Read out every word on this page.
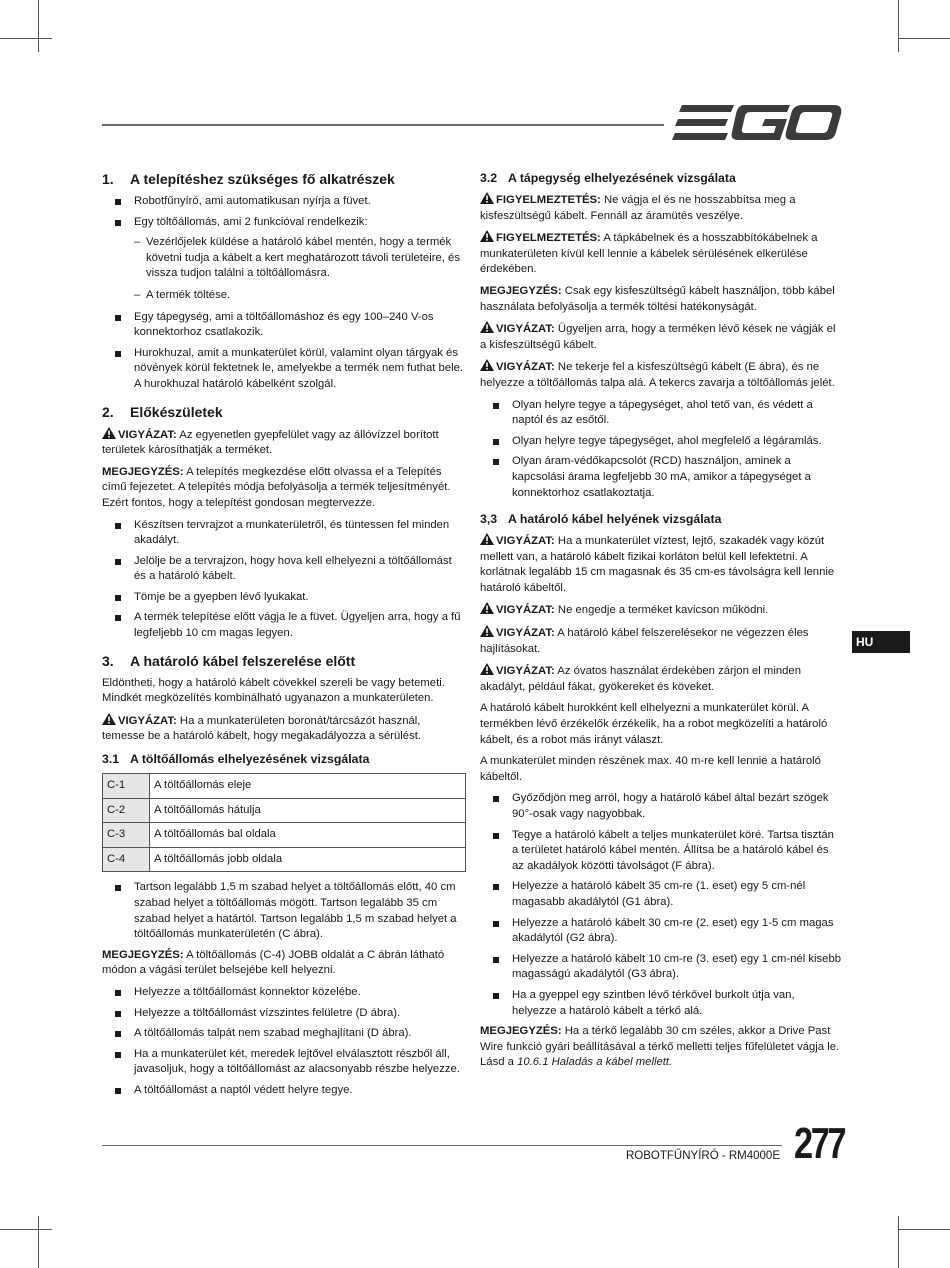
1.	A telepítéshez szükséges fő alkatrészek
Robotfűnyíró, ami automatikusan nyírja a füvet.
Egy töltőállomás, ami 2 funkcióval rendelkezik:
– Vezérlőjelek küldése a határoló kábel mentén, hogy a termék követni tudja a kábelt a kert meghatározott távoli területeire, és vissza tudjon találni a töltőállomásra.
– A termék töltése.
Egy tápegység, ami a töltőállomáshoz és egy 100–240 V-os konnektorhoz csatlakozik.
Hurokhuzal, amit a munkaterület körül, valamint olyan tárgyak és növények körül fektetnek le, amelyekbe a termék nem futhat bele. A hurokhuzal határoló kábelként szolgál.
2.	Előkészületek

VIGYÁZAT: Az egyenetlen gyepfelület vagy az állóvízzel borított területek károsíthatják a terméket.

MEGJEGYZÉS: A telepítés megkezdése előtt olvassa el a Telepítés című fejezetet. A telepítés módja befolyásolja a termék teljesítményét. Ezért fontos, hogy a telepítést gondosan megtervezze.

Készítsen tervrajzot a munkaterületről, és tüntessen fel minden akadályt.
Jelölje be a tervrajzon, hogy hova kell elhelyezni a töltőállomást és a határoló kábelt.
Tömje be a gyepben lévő lyukakat.
A termék telepítése előtt vágja le a füvet. Ügyeljen arra, hogy a fű legfeljebb 10 cm magas legyen.
3.	A határoló kábel felszerelése előtt

Eldöntheti, hogy a határoló kábelt cövekkel szereli be vagy betemeti. Mindkét megközelítés kombinálható ugyanazon a munkaterületen.

VIGYÁZAT: Ha a munkaterületen boronát/tárcsázót használ, temesse be a határoló kábelt, hogy megakadályozza a sérülést.

3.1 A töltőállomás elhelyezésének vizsgálata
C-1	A töltőállomás eleje
C-2	A töltőállomás hátulja
C-3	A töltőállomás bal oldala
C-4	A töltőállomás jobb oldala
Tartson legalább 1,5 m szabad helyet a töltőállomás előtt, 40 cm szabad helyet a töltőállomás mögött. Tartson legalább 35 cm szabad helyet a határtól. Tartson legalább 1,5 m szabad helyet a töltőállomás munkaterületén (C ábra).

MEGJEGYZÉS: A töltőállomás (C-4) JOBB oldalát a C ábrán látható módon a vágási terület belsejébe kell helyezni.

Helyezze a töltőállomást konnektor közelébe.
Helyezze a töltőállomást vízszintes felületre (D ábra).
A töltőállomás talpát nem szabad meghajlítani (D ábra).
Ha a munkaterület két, meredek lejtővel elválasztott részből áll, javasoljuk, hogy a töltőállomást az alacsonyabb részbe helyezze.
A töltőállomást a naptól védett helyre tegye.
3.2 A tápegység elhelyezésének vizsgálata

FIGYELMEZTETÉS: Ne vágja el és ne hosszabbítsa meg a kisfeszültségű kábelt. Fennáll az áramütés veszélye.

FIGYELMEZTETÉS: A tápkábelnek és a hosszabbítókábelnek a munkaterületen kívül kell lennie a kábelek sérülésének elkerülése érdekében.

MEGJEGYZÉS: Csak egy kisfeszültségű kábelt használjon, több kábel használata befolyásolja a termék töltési hatékonyságát.

VIGYÁZAT: Ügyeljen arra, hogy a terméken lévő kések ne vágják el a kisfeszültségű kábelt.

VIGYÁZAT: Ne tekerje fel a kisfeszültségű kábelt (E ábra), és ne helyezze a töltőállomás talpa alá. A tekercs zavarja a töltőállomás jelét.

Olyan helyre tegye a tápegységet, ahol tető van, és védett a naptól és az esőtől.
Olyan helyre tegye tápegységet, ahol megfelelő a légáramlás.
Olyan áram-védőkapcsolót (RCD) használjon, aminek a kapcsolási árama legfeljebb 30 mA, amikor a tápegységet a konnektorhoz csatlakoztatja.
3,3 A határoló kábel helyének vizsgálata

VIGYÁZAT: Ha a munkaterület víztest, lejtő, szakadék vagy közút mellett van, a határoló kábelt fizikai korláton belül kell lefektetni. A korlátnak legalább 15 cm magasnak és 35 cm-es távolságra kell lennie határoló kábeltől.

VIGYÁZAT: Ne engedje a terméket kavicson működni.

VIGYÁZAT: A határoló kábel felszerelésekor ne végezzen éles hajlításokat.

VIGYÁZAT: Az óvatos használat érdekében zárjon el minden akadályt, például fákat, gyökereket és köveket.

A határoló kábelt hurokként kell elhelyezni a munkaterület körül. A termékben lévő érzékelők érzékelik, ha a robot megközelíti a határoló kábelt, és a robot más irányt választ.

A munkaterület minden részének max. 40 m-re kell lennie a határoló kábeltől.

Győződjön meg arról, hogy a határoló kábel által bezárt szögek 90°-osak vagy nagyobbak.
Tegye a határoló kábelt a teljes munkaterület köré. Tartsa tisztán a területet határoló kábel mentén. Állítsa be a határoló kábel és az akadályok közötti távolságot (F ábra).
Helyezze a határoló kábelt 35 cm-re (1. eset) egy 5 cm-nél magasabb akadálytól (G1 ábra).
Helyezze a határoló kábelt 30 cm-re (2. eset) egy 1-5 cm magas akadálytól (G2 ábra).
Helyezze a határoló kábelt 10 cm-re (3. eset) egy 1 cm-nél kisebb magasságú akadálytól (G3 ábra).
Ha a gyeppel egy szintben lévő térkővel burkolt útja van, helyezze a határoló kábelt a térkő alá.

MEGJEGYZÉS: Ha a térkő legalább 30 cm széles, akkor a Drive Past Wire funkció gyári beállításával a térkő melletti teljes fűfelületet vágja le. Lásd a 10.6.1 Haladás a kábel mellett.

HU
ROBOTFŰNYÍRÓ - RM4000E 277
